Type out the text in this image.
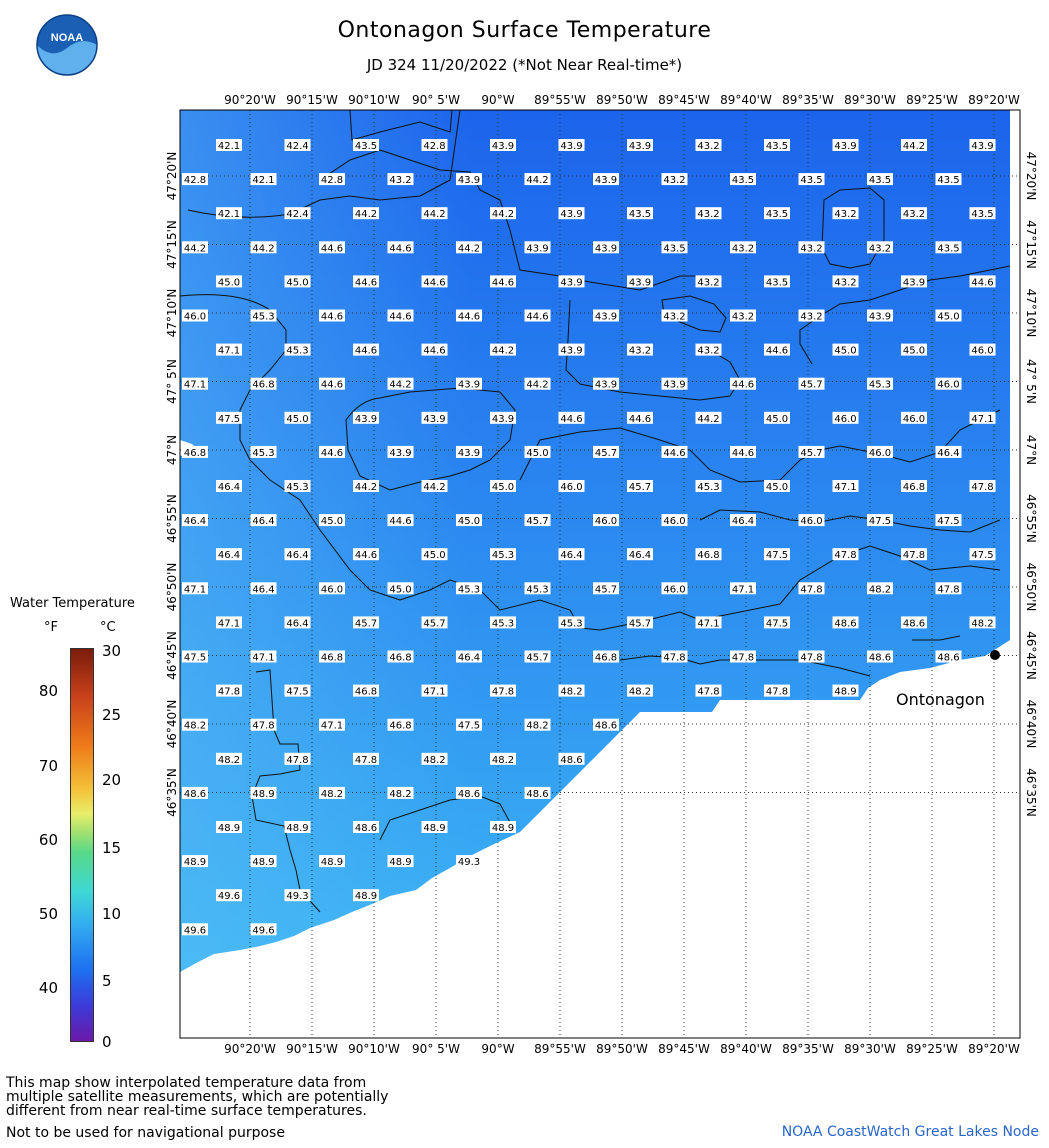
NOAA	Ontonagon Surface Temperature
JD 324 11/20/2022 (*Not Near Real-time*)
90°20'W 90°15'W 90°10'W 90° 5'W 90°W 89°55'W 89°50'W 89°45'W 89°40'W 89°35'W 89°30'W 89°25'W 89°20'W
90°20'W 90°15'W 90°10'W 90° 5'W 90°W 89°55'W 89°50'W 89°45'W 89°40'W 89°35'W 89°30'W 89°25'W 89°20'W
47°20'N
47°15'N
47°10'N
47° 5'N
47°N
46°55'N
46°50'N
46°45'N
46°40'N
46°35'N
47°20'N
47°15'N
47°10'N
47° 5'N
47°N
46°55'N
46°50'N
46°45'N
46°40'N
46°35'N
42.1	42.4	43.5	42.8	43.9	43.9	43.9	43.2	43.5	43.9	44.2	43.9
42.8	42.1	42.8	43.2	43.9	44.2	43.9	43.2	43.5	43.5	43.5	43.5
42.1	42.4	44.2	44.2	44.2	43.9	43.5	43.2	43.5	43.2	43.2	43.5
44.2	44.2	44.6	44.6	44.2	43.9	43.9	43.5	43.2	43.2	43.2	43.5
45.0	45.0	44.6	44.6	44.6	43.9	43.9	43.2	43.5	43.2	43.9	44.6
46.0	45.3	44.6	44.6	44.6	44.6	43.9	43.2	43.2	43.2	43.9	45.0
47.1	45.3	44.6	44.6	44.2	43.9	43.2	43.2	44.6	45.0	45.0	46.0
47.1	46.8	44.6	44.2	43.9	44.2	43.9	43.9	44.6	45.7	45.3	46.0
47.5	45.0	43.9	43.9	43.9	44.6	44.6	44.2	45.0	46.0	46.0	47.1
46.8	45.3	44.6	43.9	43.9	45.0	45.7	44.6	44.6	45.7	46.0	46.4
46.4	45.3	44.2	44.2	45.0	46.0	45.7	45.3	45.0	47.1	46.8	47.8
46.4	46.4	45.0	44.6	45.0	45.7	46.0	46.0	46.4	46.0	47.5	47.5
46.4	46.4	44.6	45.0	45.3	46.4	46.4	46.8	47.5	47.8	47.8	47.5
47.1	46.4	46.0	45.0	45.3	45.3	45.7	46.0	47.1	47.8	48.2	47.8
47.1	46.4	45.7	45.7	45.3	45.3	45.7	47.1	47.5	48.6	48.6	48.2
47.5	47.1	46.8	46.8	46.4	45.7	46.8	47.8	47.8	47.8	48.6	48.6
47.8	47.5	46.8	47.1	47.8	48.2	48.2	47.8	47.8	48.9
48.2	47.8	47.1	46.8	47.5	48.2	48.6
48.2	47.8	47.8	48.2	48.2	48.6
48.6	48.9	48.2	48.2	48.6	48.6
48.9	48.9	48.6	48.9	48.9
48.9	48.9	48.9	48.9	49.3
49.6	49.3	48.9
49.6	49.6
Ontonagon
Water Temperature
°F	°C
80
70
60
50
40
30
25
20
15
10
5
0
This map show interpolated temperature data from
multiple satellite measurements, which are potentially
different from near real-time surface temperatures.
Not to be used for navigational purpose	NOAA CoastWatch Great Lakes Node
